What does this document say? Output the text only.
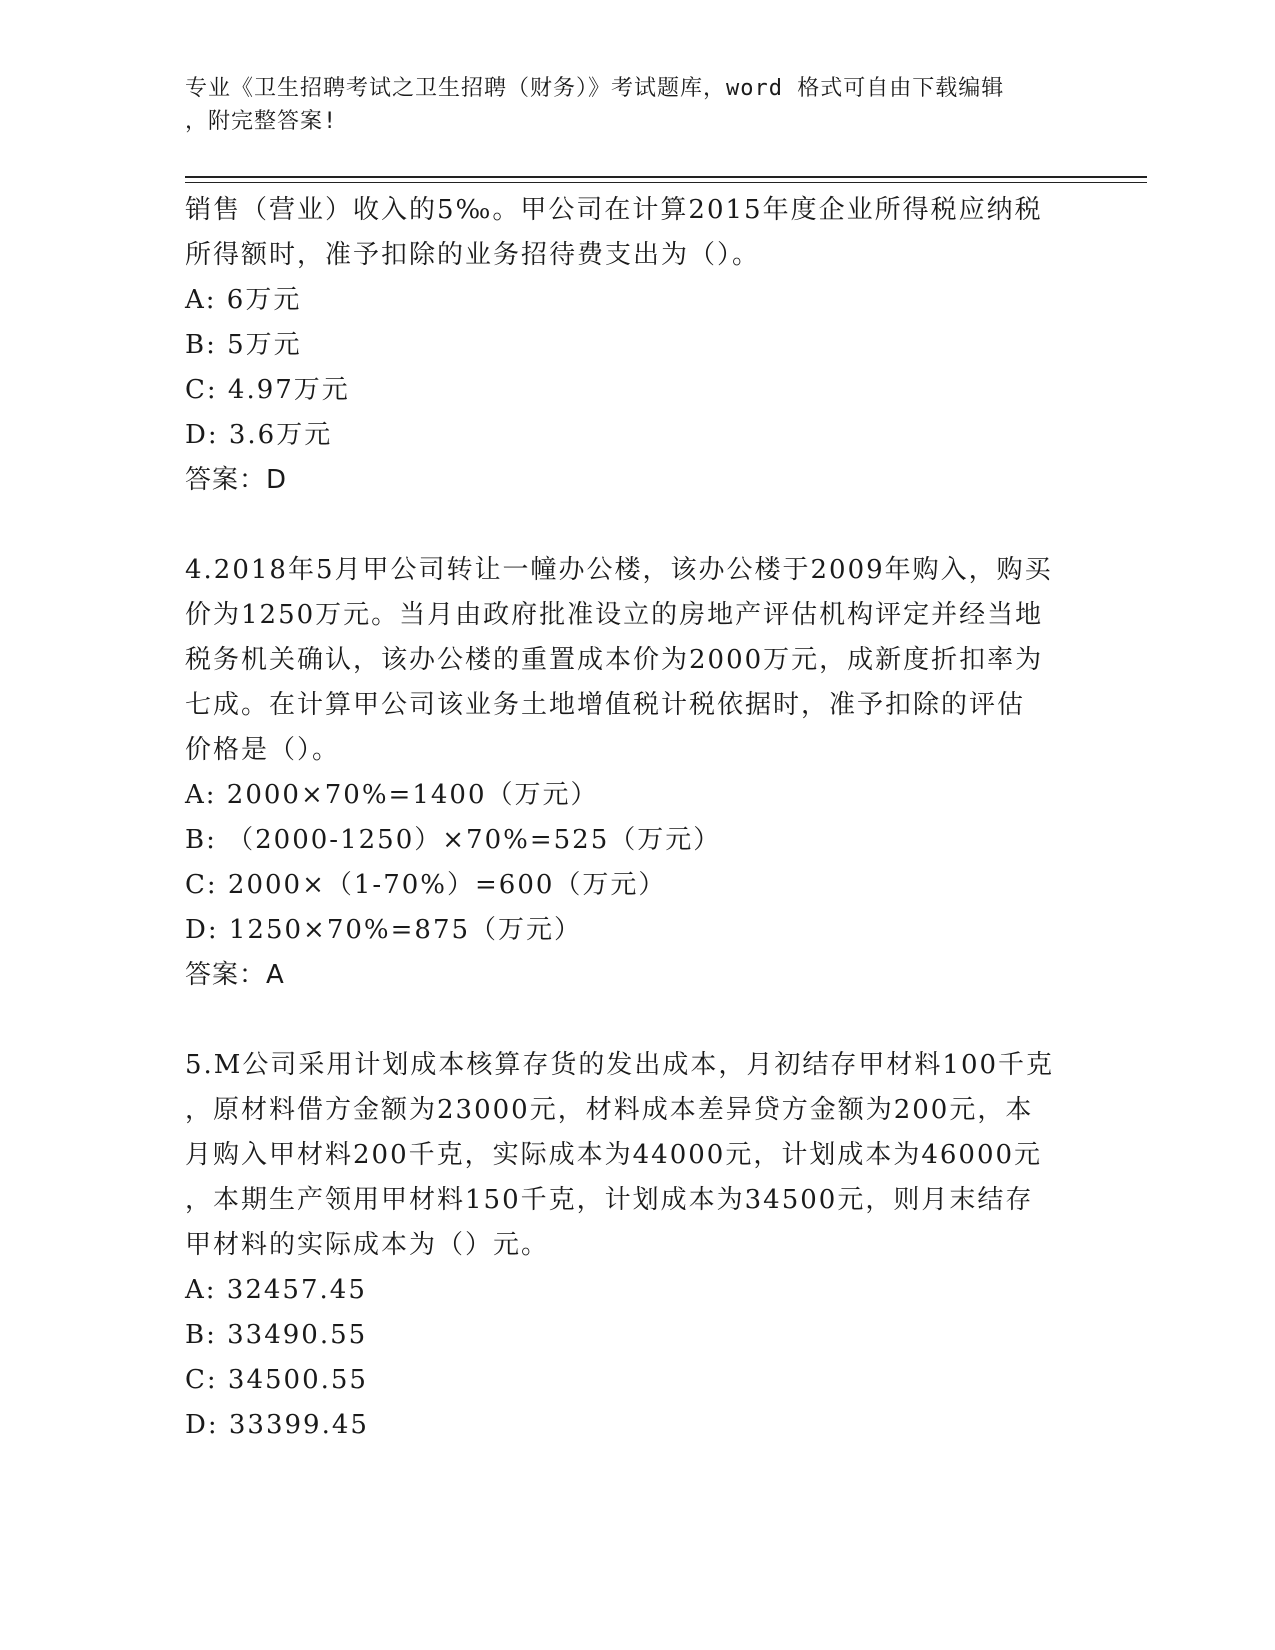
专业《卫生招聘考试之卫生招聘（财务）》考试题库，word 格式可自由下载编辑
，附完整答案!
销售（营业）收入的5‰。甲公司在计算2015年度企业所得税应纳税
所得额时，准予扣除的业务招待费支出为（）。
A: 6万元
B: 5万元
C: 4.97万元
D: 3.6万元
答案：D
4.2018年5月甲公司转让一幢办公楼，该办公楼于2009年购入，购买
价为1250万元。当月由政府批准设立的房地产评估机构评定并经当地
税务机关确认，该办公楼的重置成本价为2000万元，成新度折扣率为
七成。在计算甲公司该业务土地增值税计税依据时，准予扣除的评估
价格是（）。
A: 2000×70%=1400（万元）
B: （2000-1250）×70%=525（万元）
C: 2000×（1-70%）=600（万元）
D: 1250×70%=875（万元）
答案：A
5.M公司采用计划成本核算存货的发出成本，月初结存甲材料100千克
，原材料借方金额为23000元，材料成本差异贷方金额为200元，本
月购入甲材料200千克，实际成本为44000元，计划成本为46000元
，本期生产领用甲材料150千克，计划成本为34500元，则月末结存
甲材料的实际成本为（）元。
A: 32457.45
B: 33490.55
C: 34500.55
D: 33399.45
